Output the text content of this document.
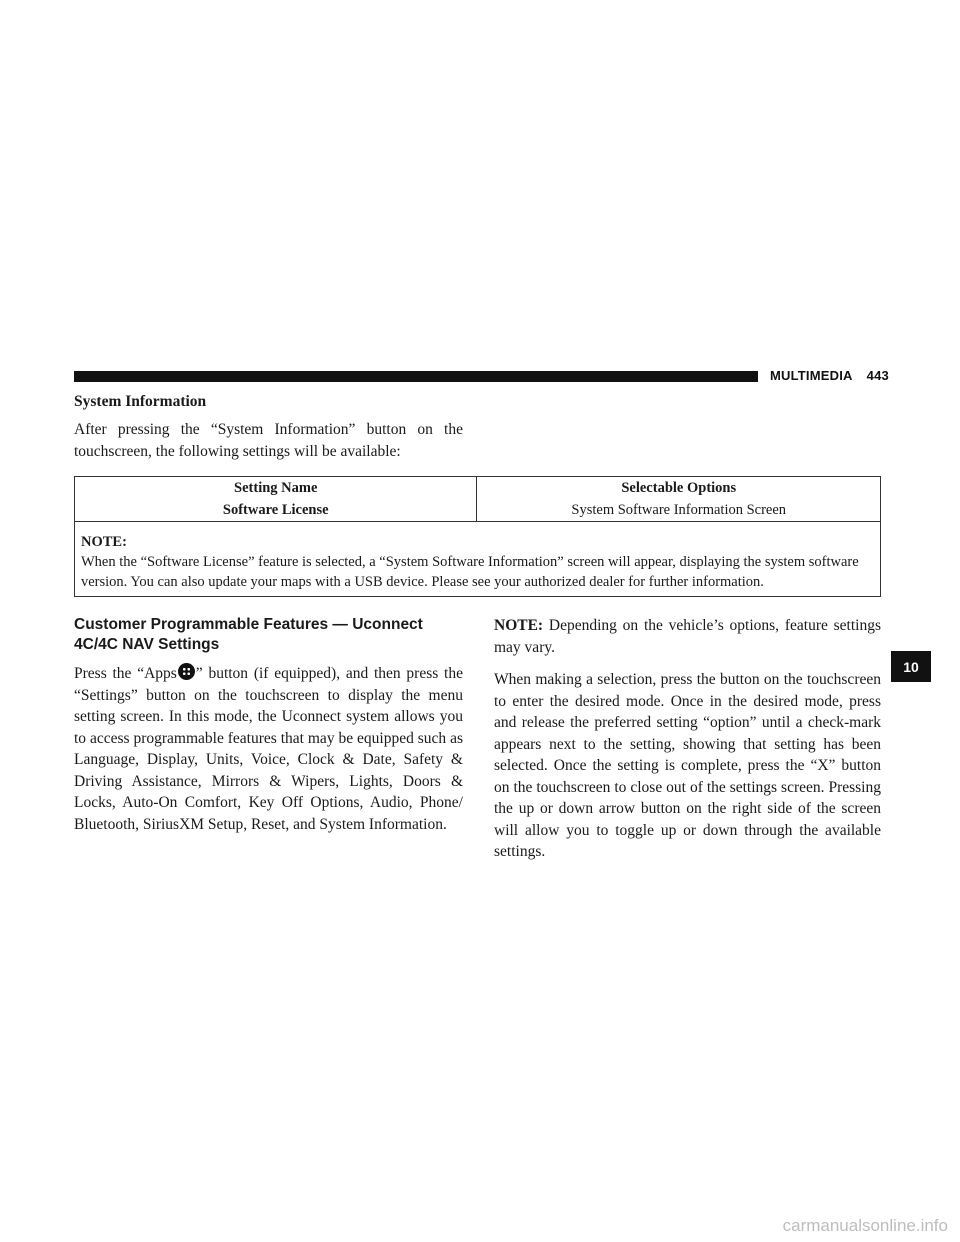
MULTIMEDIA 443
System Information

After pressing the “System Information” button on the touchscreen, the following settings will be available:

Setting Name	Selectable Options
Software License	System Software Information Screen

NOTE:
When the “Software License” feature is selected, a “System Software Information” screen will appear, displaying the system software version. You can also update your maps with a USB device. Please see your authorized dealer for further information.	
Customer Programmable Features — Uconnect 4C/4C NAV Settings

Press the “Apps ” button (if equipped), and then press the “Settings” button on the touchscreen to display the menu setting screen. In this mode, the Uconnect system allows you to access programmable features that may be equipped such as Language, Display, Units, Voice, Clock & Date, Safety & Driving Assistance, Mirrors & Wipers, Lights, Doors & Locks, Auto-On Comfort, Key Off Options, Audio, Phone/ Bluetooth, SiriusXM Setup, Reset, and System Information.

NOTE: Depending on the vehicle’s options, feature settings may vary.

When making a selection, press the button on the touchscreen to enter the desired mode. Once in the desired mode, press and release the preferred setting “option” until a check-mark appears next to the setting, showing that setting has been selected. Once the setting is complete, press the “X” button on the touchscreen to close out of the settings screen. Pressing the up or down arrow button on the right side of the screen will allow you to toggle up or down through the available settings.

10
carmanualsonline.info
